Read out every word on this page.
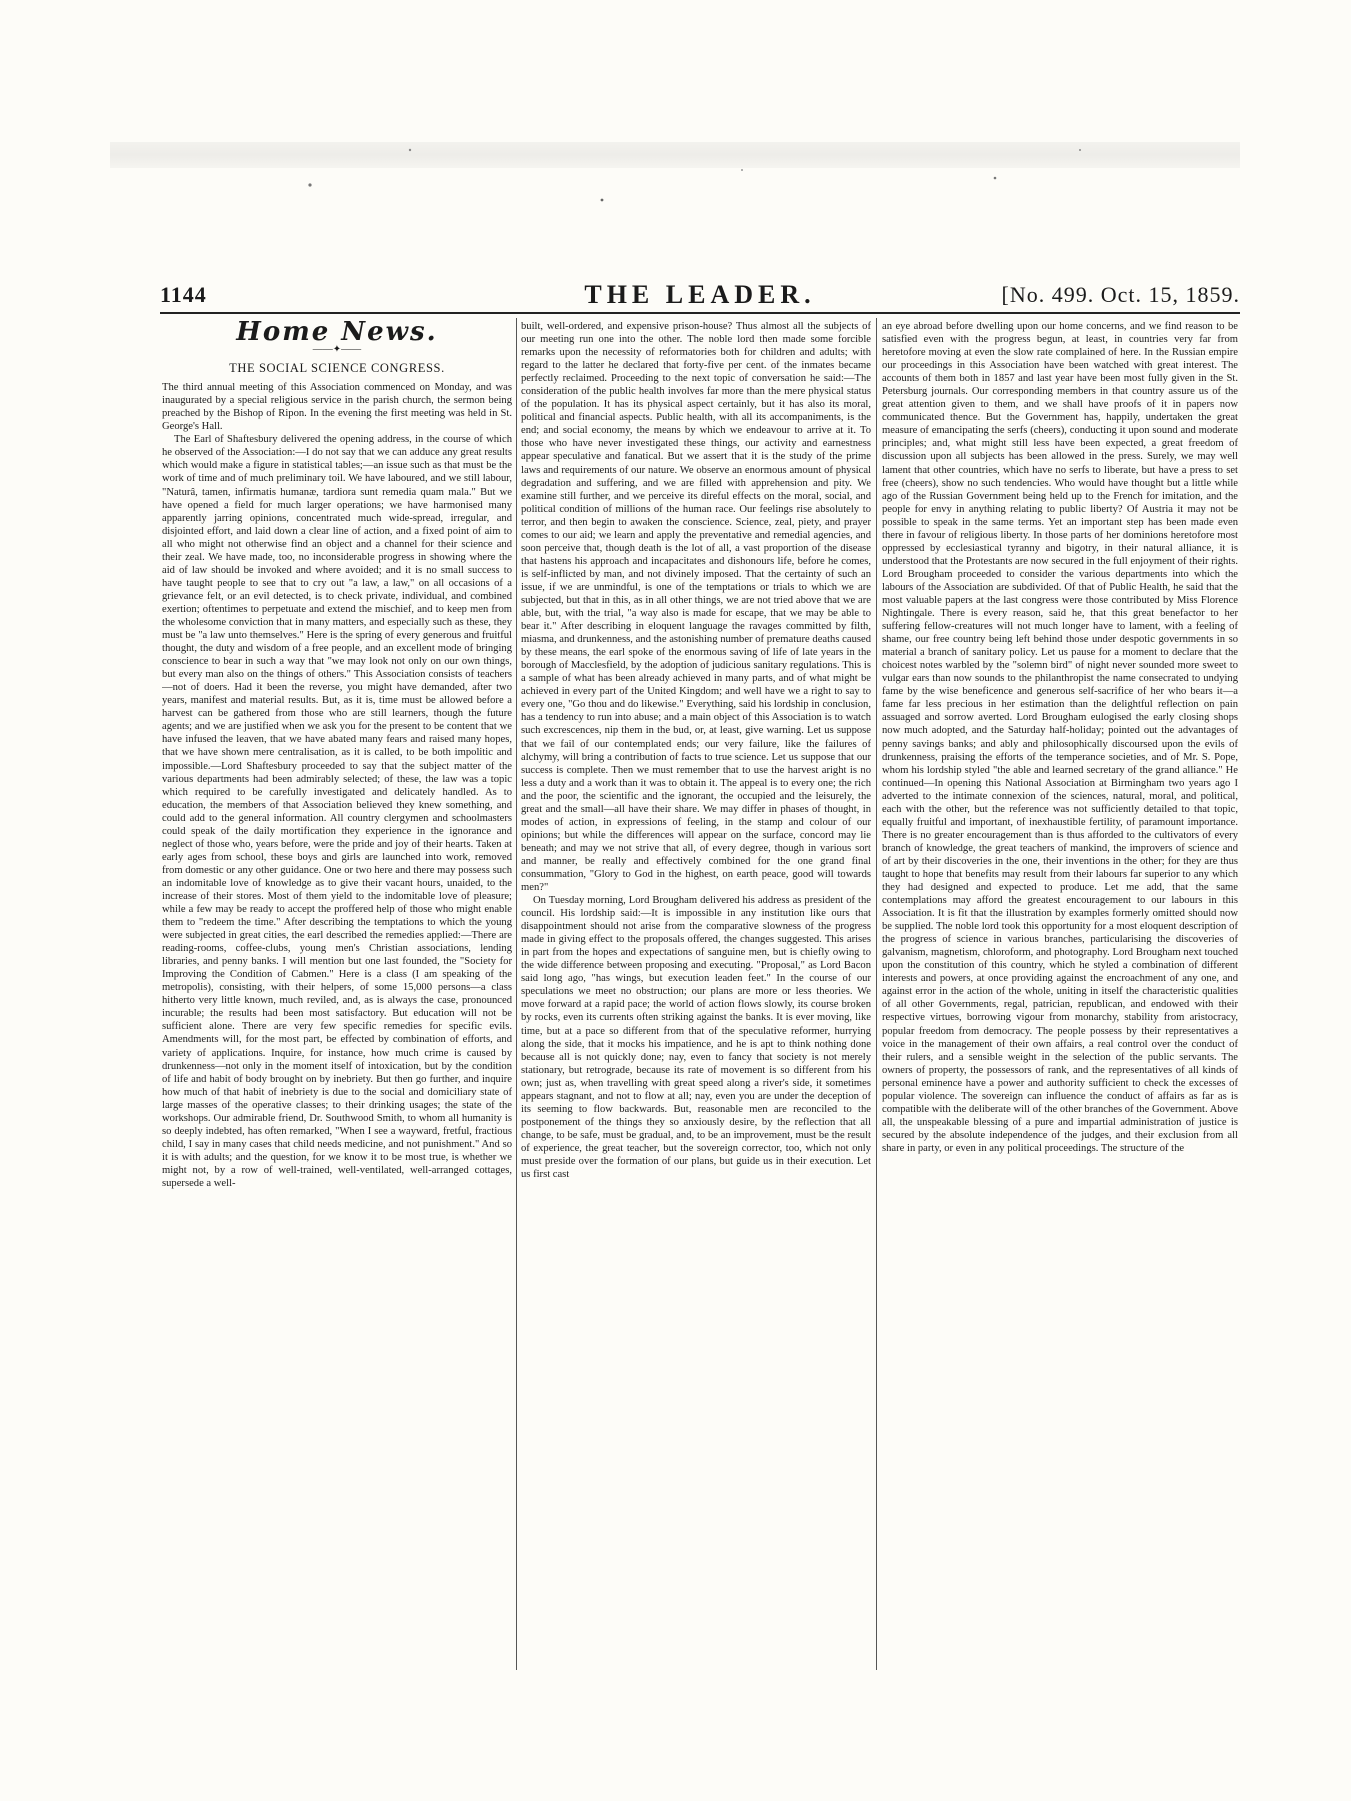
1144	THE LEADER.	[No. 499. Oct. 15, 1859.
Home News.
——✦——
THE SOCIAL SCIENCE CONGRESS.

The third annual meeting of this Association commenced on Monday, and was inaugurated by a special religious service in the parish church, the sermon being preached by the Bishop of Ripon. In the evening the first meeting was held in St. George's Hall.

The Earl of Shaftesbury delivered the opening address, in the course of which he observed of the Association:—I do not say that we can adduce any great results which would make a figure in statistical tables;—an issue such as that must be the work of time and of much preliminary toil. We have laboured, and we still labour, "Naturâ, tamen, infirmatis humanæ, tardiora sunt remedia quam mala." But we have opened a field for much larger operations; we have harmonised many apparently jarring opinions, concentrated much wide-spread, irregular, and disjointed effort, and laid down a clear line of action, and a fixed point of aim to all who might not otherwise find an object and a channel for their science and their zeal. We have made, too, no inconsiderable progress in showing where the aid of law should be invoked and where avoided; and it is no small success to have taught people to see that to cry out "a law, a law," on all occasions of a grievance felt, or an evil detected, is to check private, individual, and combined exertion; oftentimes to perpetuate and extend the mischief, and to keep men from the wholesome conviction that in many matters, and especially such as these, they must be "a law unto themselves." Here is the spring of every generous and fruitful thought, the duty and wisdom of a free people, and an excellent mode of bringing conscience to bear in such a way that "we may look not only on our own things, but every man also on the things of others." This Association consists of teachers—not of doers. Had it been the reverse, you might have demanded, after two years, manifest and material results. But, as it is, time must be allowed before a harvest can be gathered from those who are still learners, though the future agents; and we are justified when we ask you for the present to be content that we have infused the leaven, that we have abated many fears and raised many hopes, that we have shown mere centralisation, as it is called, to be both impolitic and impossible.—Lord Shaftesbury proceeded to say that the subject matter of the various departments had been admirably selected; of these, the law was a topic which required to be carefully investigated and delicately handled. As to education, the members of that Association believed they knew something, and could add to the general information. All country clergymen and schoolmasters could speak of the daily mortification they experience in the ignorance and neglect of those who, years before, were the pride and joy of their hearts. Taken at early ages from school, these boys and girls are launched into work, removed from domestic or any other guidance. One or two here and there may possess such an indomitable love of knowledge as to give their vacant hours, unaided, to the increase of their stores. Most of them yield to the indomitable love of pleasure; while a few may be ready to accept the proffered help of those who might enable them to "redeem the time." After describing the temptations to which the young were subjected in great cities, the earl described the remedies applied:—There are reading-rooms, coffee-clubs, young men's Christian associations, lending libraries, and penny banks. I will mention but one last founded, the "Society for Improving the Condition of Cabmen." Here is a class (I am speaking of the metropolis), consisting, with their helpers, of some 15,000 persons—a class hitherto very little known, much reviled, and, as is always the case, pronounced incurable; the results had been most satisfactory. But education will not be sufficient alone. There are very few specific remedies for specific evils. Amendments will, for the most part, be effected by combination of efforts, and variety of applications. Inquire, for instance, how much crime is caused by drunkenness—not only in the moment itself of intoxication, but by the condition of life and habit of body brought on by inebriety. But then go further, and inquire how much of that habit of inebriety is due to the social and domiciliary state of large masses of the operative classes; to their drinking usages; the state of the workshops. Our admirable friend, Dr. Southwood Smith, to whom all humanity is so deeply indebted, has often remarked, "When I see a wayward, fretful, fractious child, I say in many cases that child needs medicine, and not punishment." And so it is with adults; and the question, for we know it to be most true, is whether we might not, by a row of well-trained, well-ventilated, well-arranged cottages, supersede a well-

built, well-ordered, and expensive prison-house? Thus almost all the subjects of our meeting run one into the other. The noble lord then made some forcible remarks upon the necessity of reformatories both for children and adults; with regard to the latter he declared that forty-five per cent. of the inmates became perfectly reclaimed. Proceeding to the next topic of conversation he said:—The consideration of the public health involves far more than the mere physical status of the population. It has its physical aspect certainly, but it has also its moral, political and financial aspects. Public health, with all its accompaniments, is the end; and social economy, the means by which we endeavour to arrive at it. To those who have never investigated these things, our activity and earnestness appear speculative and fanatical. But we assert that it is the study of the prime laws and requirements of our nature. We observe an enormous amount of physical degradation and suffering, and we are filled with apprehension and pity. We examine still further, and we perceive its direful effects on the moral, social, and political condition of millions of the human race. Our feelings rise absolutely to terror, and then begin to awaken the conscience. Science, zeal, piety, and prayer comes to our aid; we learn and apply the preventative and remedial agencies, and soon perceive that, though death is the lot of all, a vast proportion of the disease that hastens his approach and incapacitates and dishonours life, before he comes, is self-inflicted by man, and not divinely imposed. That the certainty of such an issue, if we are unmindful, is one of the temptations or trials to which we are subjected, but that in this, as in all other things, we are not tried above that we are able, but, with the trial, "a way also is made for escape, that we may be able to bear it." After describing in eloquent language the ravages committed by filth, miasma, and drunkenness, and the astonishing number of premature deaths caused by these means, the earl spoke of the enormous saving of life of late years in the borough of Macclesfield, by the adoption of judicious sanitary regulations. This is a sample of what has been already achieved in many parts, and of what might be achieved in every part of the United Kingdom; and well have we a right to say to every one, "Go thou and do likewise." Everything, said his lordship in conclusion, has a tendency to run into abuse; and a main object of this Association is to watch such excrescences, nip them in the bud, or, at least, give warning. Let us suppose that we fail of our contemplated ends; our very failure, like the failures of alchymy, will bring a contribution of facts to true science. Let us suppose that our success is complete. Then we must remember that to use the harvest aright is no less a duty and a work than it was to obtain it. The appeal is to every one; the rich and the poor, the scientific and the ignorant, the occupied and the leisurely, the great and the small—all have their share. We may differ in phases of thought, in modes of action, in expressions of feeling, in the stamp and colour of our opinions; but while the differences will appear on the surface, concord may lie beneath; and may we not strive that all, of every degree, though in various sort and manner, be really and effectively combined for the one grand final consummation, "Glory to God in the highest, on earth peace, good will towards men?"

On Tuesday morning, Lord Brougham delivered his address as president of the council. His lordship said:—It is impossible in any institution like ours that disappointment should not arise from the comparative slowness of the progress made in giving effect to the proposals offered, the changes suggested. This arises in part from the hopes and expectations of sanguine men, but is chiefly owing to the wide difference between proposing and executing. "Proposal," as Lord Bacon said long ago, "has wings, but execution leaden feet." In the course of our speculations we meet no obstruction; our plans are more or less theories. We move forward at a rapid pace; the world of action flows slowly, its course broken by rocks, even its currents often striking against the banks. It is ever moving, like time, but at a pace so different from that of the speculative reformer, hurrying along the side, that it mocks his impatience, and he is apt to think nothing done because all is not quickly done; nay, even to fancy that society is not merely stationary, but retrograde, because its rate of movement is so different from his own; just as, when travelling with great speed along a river's side, it sometimes appears stagnant, and not to flow at all; nay, even you are under the deception of its seeming to flow backwards. But, reasonable men are reconciled to the postponement of the things they so anxiously desire, by the reflection that all change, to be safe, must be gradual, and, to be an improvement, must be the result of experience, the great teacher, but the sovereign corrector, too, which not only must preside over the formation of our plans, but guide us in their execution. Let us first cast

an eye abroad before dwelling upon our home concerns, and we find reason to be satisfied even with the progress begun, at least, in countries very far from heretofore moving at even the slow rate complained of here. In the Russian empire our proceedings in this Association have been watched with great interest. The accounts of them both in 1857 and last year have been most fully given in the St. Petersburg journals. Our corresponding members in that country assure us of the great attention given to them, and we shall have proofs of it in papers now communicated thence. But the Government has, happily, undertaken the great measure of emancipating the serfs (cheers), conducting it upon sound and moderate principles; and, what might still less have been expected, a great freedom of discussion upon all subjects has been allowed in the press. Surely, we may well lament that other countries, which have no serfs to liberate, but have a press to set free (cheers), show no such tendencies. Who would have thought but a little while ago of the Russian Government being held up to the French for imitation, and the people for envy in anything relating to public liberty? Of Austria it may not be possible to speak in the same terms. Yet an important step has been made even there in favour of religious liberty. In those parts of her dominions heretofore most oppressed by ecclesiastical tyranny and bigotry, in their natural alliance, it is understood that the Protestants are now secured in the full enjoyment of their rights. Lord Brougham proceeded to consider the various departments into which the labours of the Association are subdivided. Of that of Public Health, he said that the most valuable papers at the last congress were those contributed by Miss Florence Nightingale. There is every reason, said he, that this great benefactor to her suffering fellow-creatures will not much longer have to lament, with a feeling of shame, our free country being left behind those under despotic governments in so material a branch of sanitary policy. Let us pause for a moment to declare that the choicest notes warbled by the "solemn bird" of night never sounded more sweet to vulgar ears than now sounds to the philanthropist the name consecrated to undying fame by the wise beneficence and generous self-sacrifice of her who bears it—a fame far less precious in her estimation than the delightful reflection on pain assuaged and sorrow averted. Lord Brougham eulogised the early closing shops now much adopted, and the Saturday half-holiday; pointed out the advantages of penny savings banks; and ably and philosophically discoursed upon the evils of drunkenness, praising the efforts of the temperance societies, and of Mr. S. Pope, whom his lordship styled "the able and learned secretary of the grand alliance." He continued—In opening this National Association at Birmingham two years ago I adverted to the intimate connexion of the sciences, natural, moral, and political, each with the other, but the reference was not sufficiently detailed to that topic, equally fruitful and important, of inexhaustible fertility, of paramount importance. There is no greater encouragement than is thus afforded to the cultivators of every branch of knowledge, the great teachers of mankind, the improvers of science and of art by their discoveries in the one, their inventions in the other; for they are thus taught to hope that benefits may result from their labours far superior to any which they had designed and expected to produce. Let me add, that the same contemplations may afford the greatest encouragement to our labours in this Association. It is fit that the illustration by examples formerly omitted should now be supplied. The noble lord took this opportunity for a most eloquent description of the progress of science in various branches, particularising the discoveries of galvanism, magnetism, chloroform, and photography. Lord Brougham next touched upon the constitution of this country, which he styled a combination of different interests and powers, at once providing against the encroachment of any one, and against error in the action of the whole, uniting in itself the characteristic qualities of all other Governments, regal, patrician, republican, and endowed with their respective virtues, borrowing vigour from monarchy, stability from aristocracy, popular freedom from democracy. The people possess by their representatives a voice in the management of their own affairs, a real control over the conduct of their rulers, and a sensible weight in the selection of the public servants. The owners of property, the possessors of rank, and the representatives of all kinds of personal eminence have a power and authority sufficient to check the excesses of popular violence. The sovereign can influence the conduct of affairs as far as is compatible with the deliberate will of the other branches of the Government. Above all, the unspeakable blessing of a pure and impartial administration of justice is secured by the absolute independence of the judges, and their exclusion from all share in party, or even in any political proceedings. The structure of the
